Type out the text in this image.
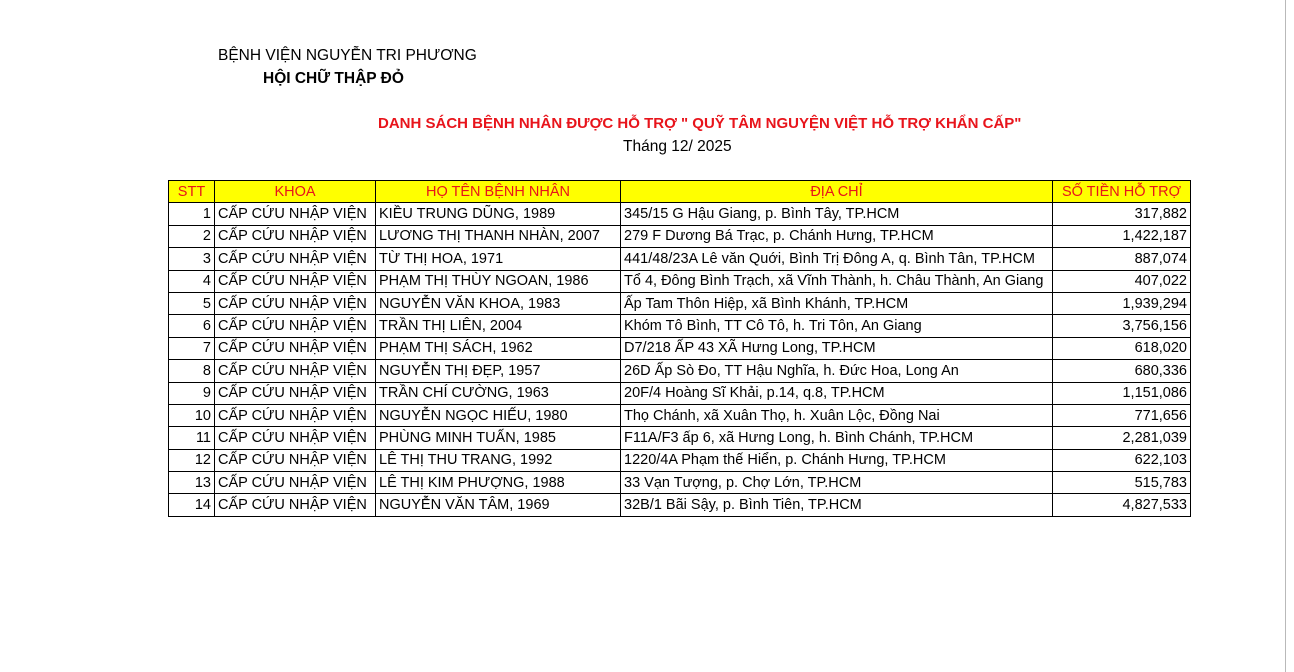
BỆNH VIỆN NGUYỄN TRI PHƯƠNG
HỘI CHỮ THẬP ĐỎ
DANH SÁCH BỆNH NHÂN ĐƯỢC HỖ TRỢ " QUỸ TÂM NGUYỆN VIỆT HỖ TRỢ KHẨN CẤP"
Tháng 12/ 2025
STT	KHOA	HỌ TÊN BỆNH NHÂN	ĐỊA CHỈ	SỐ TIỀN HỖ TRỢ
1	CẤP CỨU NHẬP VIỆN	KIỀU TRUNG DŨNG, 1989	345/15 G Hậu Giang, p. Bình Tây, TP.HCM	317,882
2	CẤP CỨU NHẬP VIỆN	LƯƠNG THỊ THANH NHÀN, 2007	279 F Dương Bá Trạc, p. Chánh Hưng, TP.HCM	1,422,187
3	CẤP CỨU NHẬP VIỆN	TỪ THỊ HOA, 1971	441/48/23A Lê văn Quới, Bình Trị Đông A, q. Bình Tân, TP.HCM	887,074
4	CẤP CỨU NHẬP VIỆN	PHẠM THỊ THÙY NGOAN, 1986	Tổ 4, Đông Bình Trạch, xã Vĩnh Thành, h. Châu Thành, An Giang	407,022
5	CẤP CỨU NHẬP VIỆN	NGUYỄN VĂN KHOA, 1983	Ấp Tam Thôn Hiệp, xã Bình Khánh, TP.HCM	1,939,294
6	CẤP CỨU NHẬP VIỆN	TRẦN THỊ LIÊN, 2004	Khóm Tô Bình, TT Cô Tô, h. Tri Tôn, An Giang	3,756,156
7	CẤP CỨU NHẬP VIỆN	PHẠM THỊ SÁCH, 1962	D7/218 ẤP 43 XÃ Hưng Long, TP.HCM	618,020
8	CẤP CỨU NHẬP VIỆN	NGUYỄN THỊ ĐẸP, 1957	26D Ấp Sò Đo, TT Hậu Nghĩa, h. Đức Hoa, Long An	680,336
9	CẤP CỨU NHẬP VIỆN	TRẦN CHÍ CƯỜNG, 1963	20F/4 Hoàng Sĩ Khải, p.14, q.8, TP.HCM	1,151,086
10	CẤP CỨU NHẬP VIỆN	NGUYỄN NGỌC HIẾU, 1980	Thọ Chánh, xã Xuân Thọ, h. Xuân Lộc, Đồng Nai	771,656
11	CẤP CỨU NHẬP VIỆN	PHÙNG MINH TUẤN, 1985	F11A/F3 ấp 6, xã Hưng Long, h. Bình Chánh, TP.HCM	2,281,039
12	CẤP CỨU NHẬP VIỆN	LÊ THỊ THU TRANG, 1992	1220/4A Phạm thế Hiển, p. Chánh Hưng, TP.HCM	622,103
13	CẤP CỨU NHẬP VIỆN	LÊ THỊ KIM PHƯỢNG, 1988	33 Vạn Tượng, p. Chợ Lớn, TP.HCM	515,783
14	CẤP CỨU NHẬP VIỆN	NGUYỄN VĂN TÂM, 1969	32B/1 Bãi Sậy, p. Bình Tiên, TP.HCM	4,827,533
